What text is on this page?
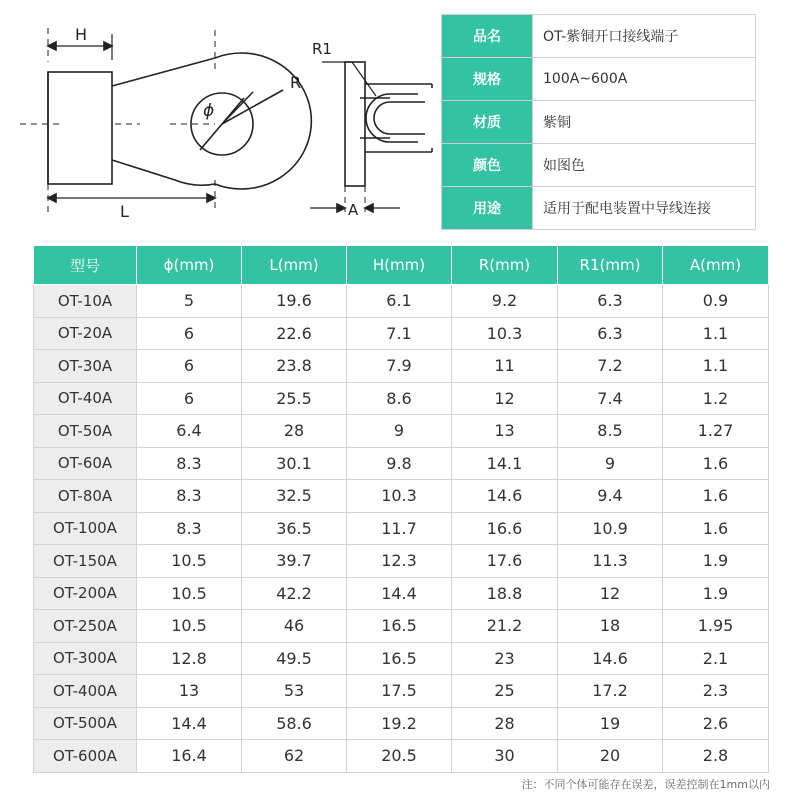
H
L
ϕ
R
R1
A
品名	OT-紫铜开口接线端子
规格	100A~600A
材质	紫铜
颜色	如图色
用途	适用于配电装置中导线连接
型号	ϕ(mm)	L(mm)	H(mm)	R(mm)	R1(mm)	A(mm)
OT-10A	5	19.6	6.1	9.2	6.3	0.9
OT-20A	6	22.6	7.1	10.3	6.3	1.1
OT-30A	6	23.8	7.9	11	7.2	1.1
OT-40A	6	25.5	8.6	12	7.4	1.2
OT-50A	6.4	28	9	13	8.5	1.27
OT-60A	8.3	30.1	9.8	14.1	9	1.6
OT-80A	8.3	32.5	10.3	14.6	9.4	1.6
OT-100A	8.3	36.5	11.7	16.6	10.9	1.6
OT-150A	10.5	39.7	12.3	17.6	11.3	1.9
OT-200A	10.5	42.2	14.4	18.8	12	1.9
OT-250A	10.5	46	16.5	21.2	18	1.95
OT-300A	12.8	49.5	16.5	23	14.6	2.1
OT-400A	13	53	17.5	25	17.2	2.3
OT-500A	14.4	58.6	19.2	28	19	2.6
OT-600A	16.4	62	20.5	30	20	2.8
注：不同个体可能存在误差，误差控制在1mm以内
